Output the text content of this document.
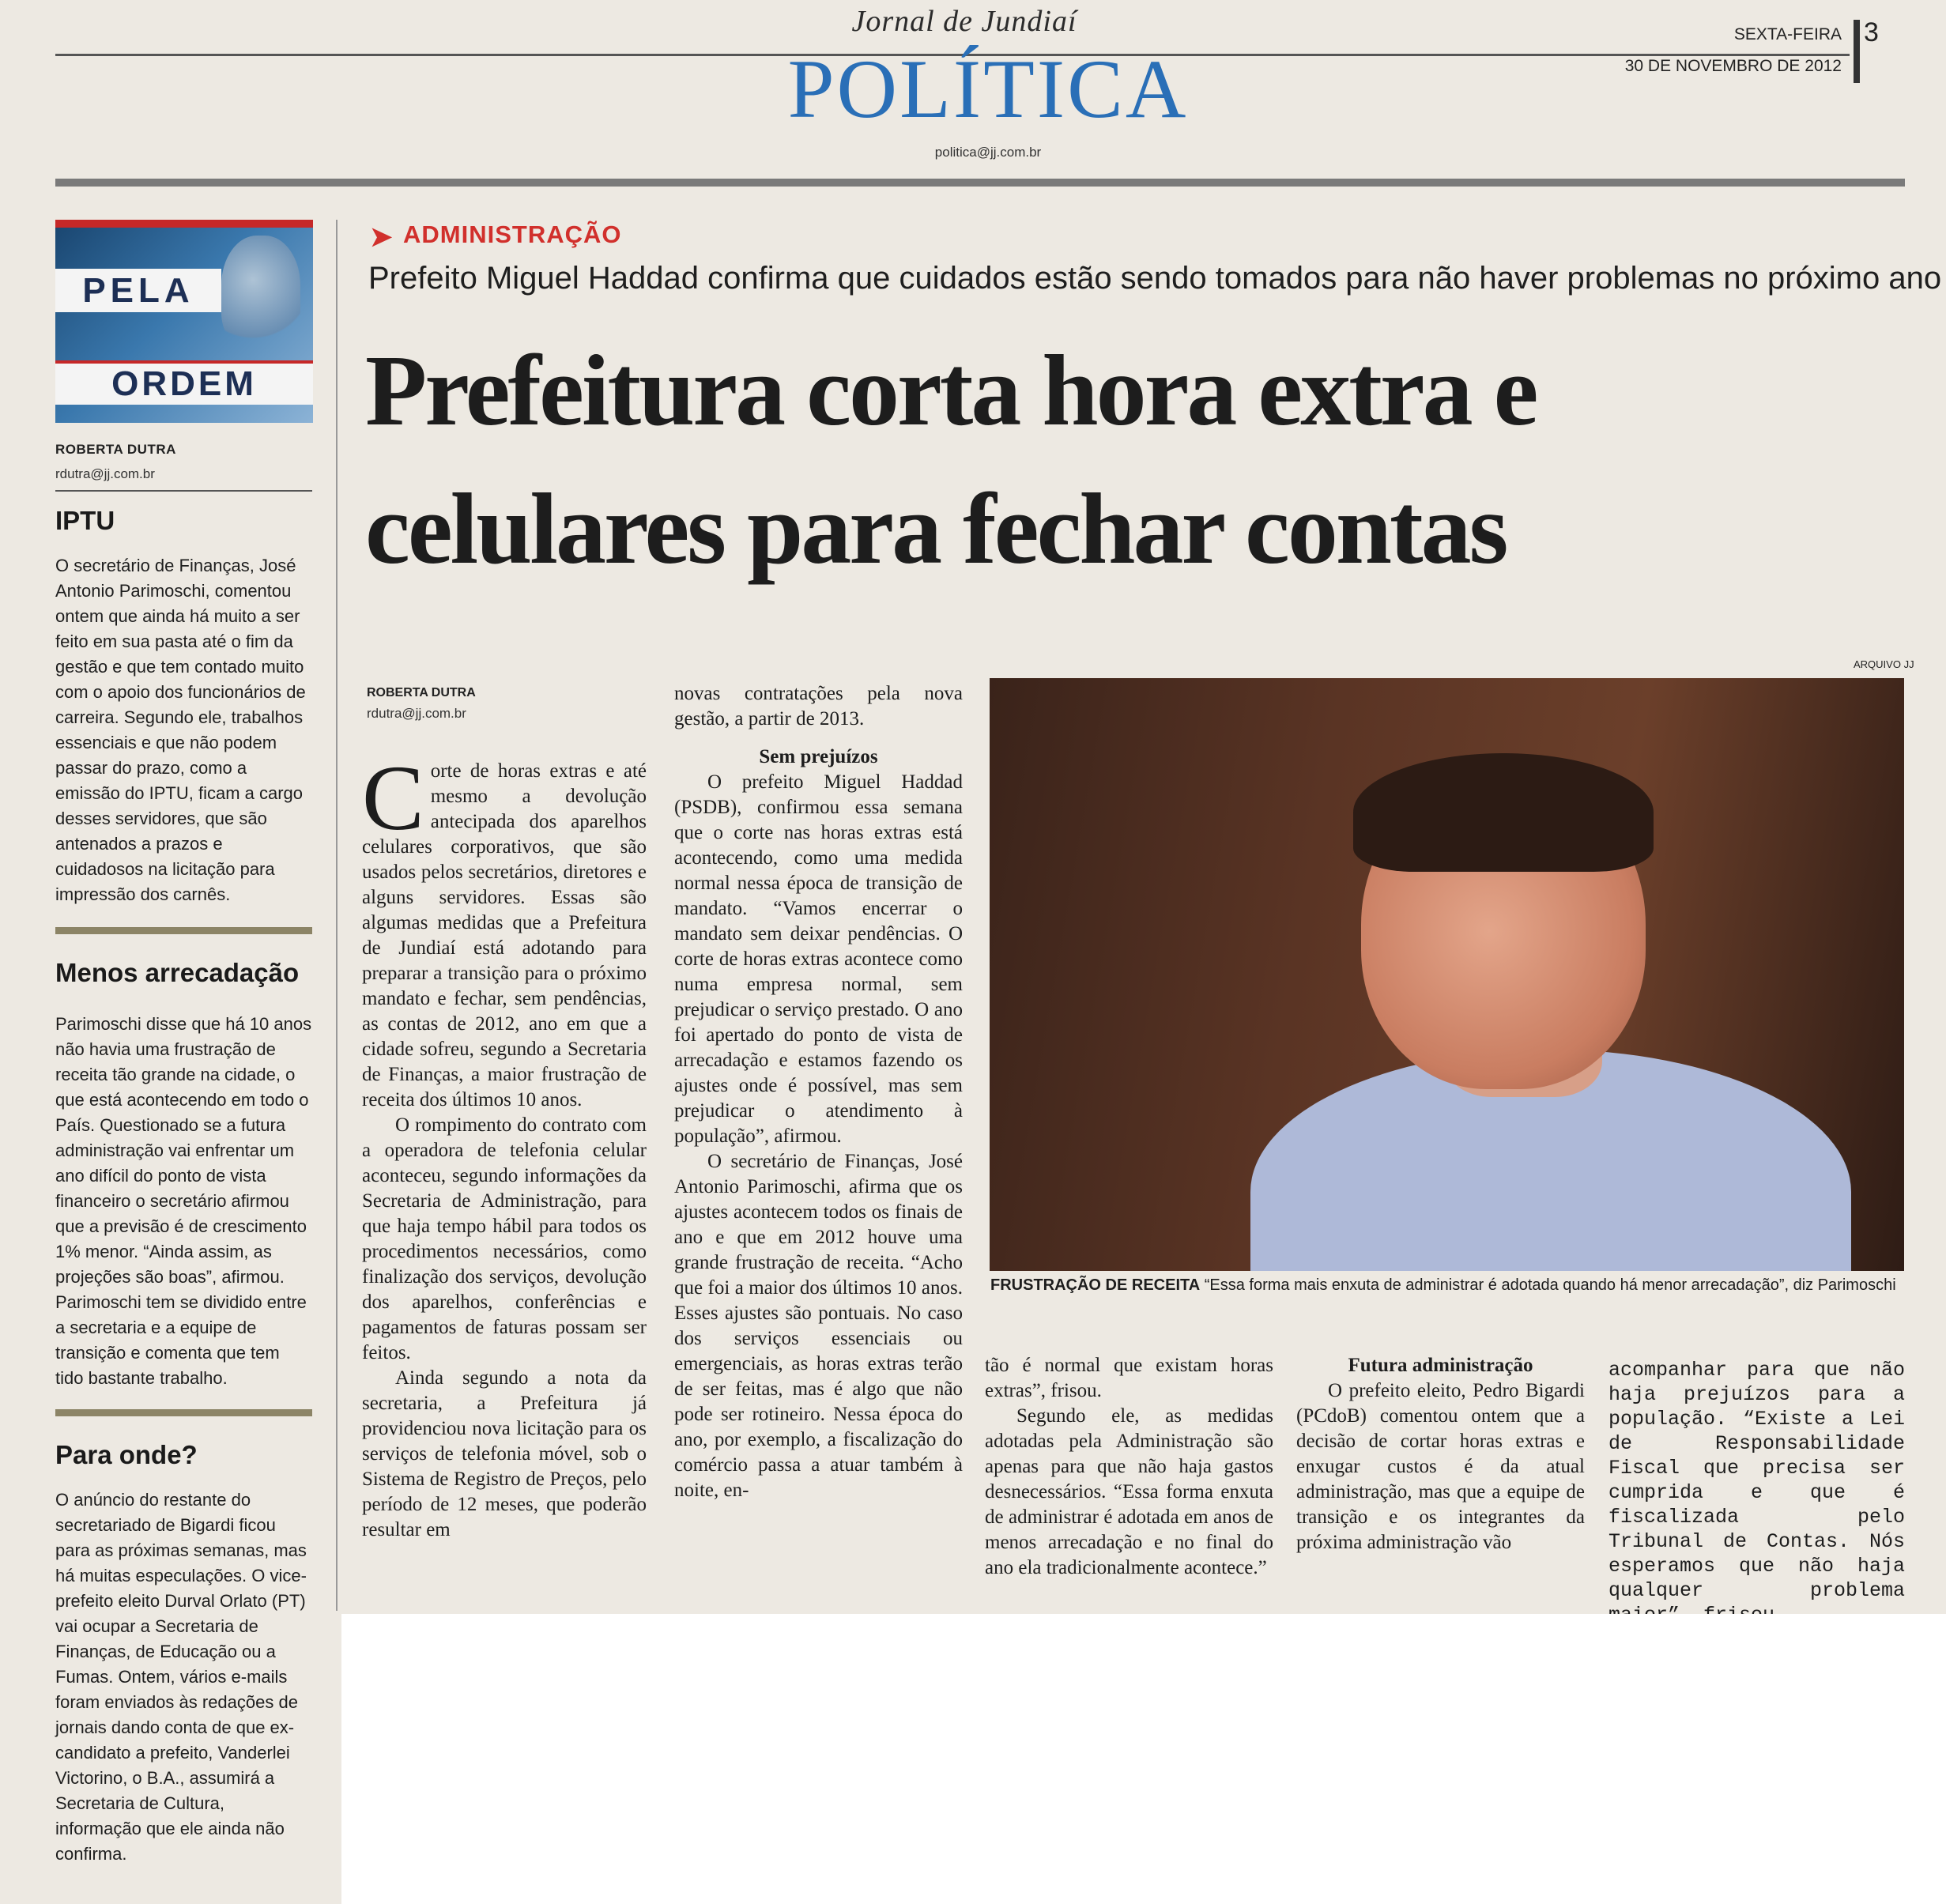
Jornal de Jundiaí
POLÍTICA
politica@jj.com.br
SEXTA-FEIRA
30 DE NOVEMBRO DE 2012
3
PELA
ORDEM
ROBERTA DUTRA
rdutra@jj.com.br
IPTU
O secretário de Finanças, José Antonio Parimoschi, comentou ontem que ainda há muito a ser feito em sua pasta até o fim da gestão e que tem contado muito com o apoio dos funcionários de carreira. Segundo ele, trabalhos essenciais e que não podem passar do prazo, como a emissão do IPTU, ficam a cargo desses servidores, que são antenados a prazos e cuidadosos na licitação para impressão dos carnês.
Menos arrecadação
Parimoschi disse que há 10 anos não havia uma frustração de receita tão grande na cidade, o que está acontecendo em todo o País. Questionado se a futura administração vai enfrentar um ano difícil do ponto de vista financeiro o secretário afirmou que a previsão é de crescimento 1% menor. “Ainda assim, as projeções são boas”, afirmou. Parimoschi tem se dividido entre a secretaria e a equipe de transição e comenta que tem tido bastante trabalho.
Para onde?
O anúncio do restante do secretariado de Bigardi ficou para as próximas semanas, mas há muitas especulações. O vice-prefeito eleito Durval Orlato (PT) vai ocupar a Secretaria de Finanças, de Educação ou a Fumas. Ontem, vários e-mails foram enviados às redações de jornais dando conta de que ex-candidato a prefeito, Vanderlei Victorino, o B.A., assumirá a Secretaria de Cultura, informação que ele ainda não confirma.
➤ ADMINISTRAÇÃO
Prefeito Miguel Haddad confirma que cuidados estão sendo tomados para não haver problemas no próximo ano
Prefeitura corta hora extra e
celulares para fechar contas
ROBERTA DUTRA
rdutra@jj.com.br

Corte de horas extras e até mesmo a devolução antecipada dos aparelhos celulares corporativos, que são usados pelos secretários, diretores e alguns servidores. Essas são algumas medidas que a Prefeitura de Jundiaí está adotando para preparar a transição para o próximo mandato e fechar, sem pendências, as contas de 2012, ano em que a cidade sofreu, segundo a Secretaria de Finanças, a maior frustração de receita dos últimos 10 anos.

O rompimento do contrato com a operadora de telefonia celular aconteceu, segundo informações da Secretaria de Administração, para que haja tempo hábil para todos os procedimentos necessários, como finalização dos serviços, devolução dos aparelhos, conferências e pagamentos de faturas possam ser feitos.

Ainda segundo a nota da secretaria, a Prefeitura já providenciou nova licitação para os serviços de telefonia móvel, sob o Sistema de Registro de Preços, pelo período de 12 meses, que poderão resultar em

novas contratações pela nova gestão, a partir de 2013.

Sem prejuízos

O prefeito Miguel Haddad (PSDB), confirmou essa semana que o corte nas horas extras está acontecendo, como uma medida normal nessa época de transição de mandato. “Vamos encerrar o mandato sem deixar pendências. O corte de horas extras acontece como numa empresa normal, sem prejudicar o serviço prestado. O ano foi apertado do ponto de vista de arrecadação e estamos fazendo os ajustes onde é possível, mas sem prejudicar o atendimento à população”, afirmou.

O secretário de Finanças, José Antonio Parimoschi, afirma que os ajustes acontecem todos os finais de ano e que em 2012 houve uma grande frustração de receita. “Acho que foi a maior dos últimos 10 anos. Esses ajustes são pontuais. No caso dos serviços essenciais ou emergenciais, as horas extras terão de ser feitas, mas é algo que não pode ser rotineiro. Nessa época do ano, por exemplo, a fiscalização do comércio passa a atuar também à noite, en-

ARQUIVO JJ
FRUSTRAÇÃO DE RECEITA “Essa forma mais enxuta de administrar é adotada quando há menor arrecadação”, diz Parimoschi

tão é normal que existam horas extras”, frisou.

Segundo ele, as medidas adotadas pela Administração são apenas para que não haja gastos desnecessários. “Essa forma enxuta de administrar é adotada em anos de menos arrecadação e no final do ano ela tradicionalmente acontece.”

Futura administração

O prefeito eleito, Pedro Bigardi (PCdoB) comentou ontem que a decisão de cortar horas extras e enxugar custos é da atual administração, mas que a equipe de transição e os integrantes da próxima administração vão

acompanhar para que não haja prejuízos para a população. “Existe a Lei de Responsabilidade Fiscal que precisa ser cumprida e que é fiscalizada pelo Tribunal de Contas. Nós esperamos que não haja qualquer problema
